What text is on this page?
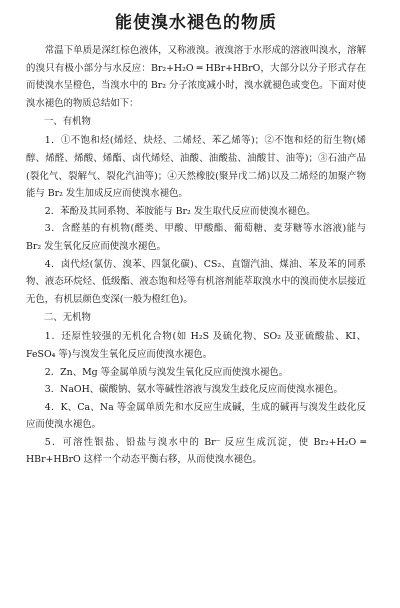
能使溴水褪色的物质

常温下单质是深红棕色液体，又称液溴。液溴溶于水形成的溶液叫溴水，溶解的溴只有极小部分与水反应：Br₂+H₂O ═ HBr+HBrO，大部分以分子形式存在而使溴水呈橙色，当溴水中的 Br₂ 分子浓度减小时，溴水就褪色或变色。下面对使溴水褪色的物质总结如下：

一、有机物

1．①不饱和烃(烯烃、炔烃、二烯烃、苯乙烯等)；②不饱和烃的衍生物(烯醇、烯醛、烯酸、烯酯、卤代烯烃、油酸、油酸盐、油酸甘、油等)；③石油产品(裂化气、裂解气、裂化汽油等)；④天然橡胶(聚异戊二烯)以及二烯烃的加聚产物能与 Br₂ 发生加成反应而使溴水褪色。

2．苯酚及其同系物、苯胺能与 Br₂ 发生取代反应而使溴水褪色。

3．含醛基的有机物(醛类、甲酸、甲酸酯、葡萄糖、麦芽糖等水溶液)能与 Br₂ 发生氧化反应而使溴水褪色。

4．卤代烃(氯仿、溴苯、四氯化碳)、CS₂、直馏汽油、煤油、苯及苯的同系物、液态环烷烃、低级酯、液态饱和烃等有机溶剂能萃取溴水中的溴而使水层接近无色，有机层颜色变深(一般为橙红色)。

二、无机物

1．还原性较强的无机化合物(如 H₂S 及硫化物、SO₂ 及亚硫酸盐、KI、FeSO₄ 等)与溴发生氧化反应而使溴水褪色。

2．Zn、Mg 等金属单质与溴发生氧化反应而使溴水褪色。

3．NaOH、碳酸钠、氨水等碱性溶液与溴发生歧化反应而使溴水褪色。

4．K、Ca、Na 等金属单质先和水反应生成碱，生成的碱再与溴发生歧化反应而使溴水褪色。

5．可溶性银盐、铅盐与溴水中的 Br⁻ 反应生成沉淀，使 Br₂+H₂O ═ HBr+HBrO 这样一个动态平衡右移，从而使溴水褪色。
